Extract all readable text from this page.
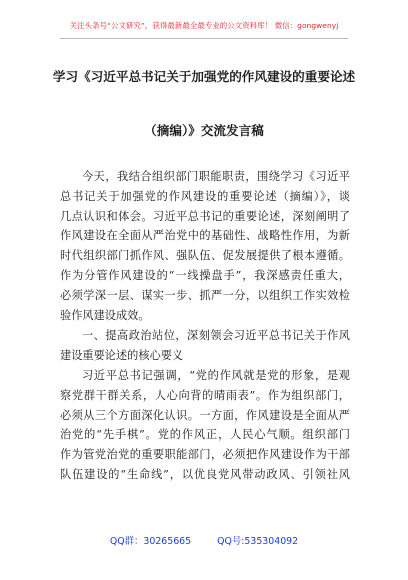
关注头条号“公文研究”，获得最新最全最专业的公文资料库！ 微信：gongwenyj
学习《习近平总书记关于加强党的作风建设的重要论述
（摘编）》交流发言稿
今天，我结合组织部门职能职责，围绕学习《习近平
总书记关于加强党的作风建设的重要论述（摘编）》，谈
几点认识和体会。习近平总书记的重要论述，深刻阐明了
作风建设在全面从严治党中的基础性、战略性作用，为新
时代组织部门抓作风、强队伍、促发展提供了根本遵循。
作为分管作风建设的“一线操盘手”，我深感责任重大，
必须学深一层、谋实一步、抓严一分，以组织工作实效检
验作风建设成效。
一、提高政治站位，深刻领会习近平总书记关于作风
建设重要论述的核心要义
习近平总书记强调，“党的作风就是党的形象，是观
察党群干群关系，人心向背的晴雨表”。作为组织部门，
必须从三个方面深化认识。一方面，作风建设是全面从严
治党的“先手棋”。党的作风正，人民心气顺。组织部门
作为管党治党的重要职能部门，必须把作风建设作为干部
队伍建设的“生命线”，以优良党风带动政风、引领社风
QQ群：30265665	QQ号:535304092
